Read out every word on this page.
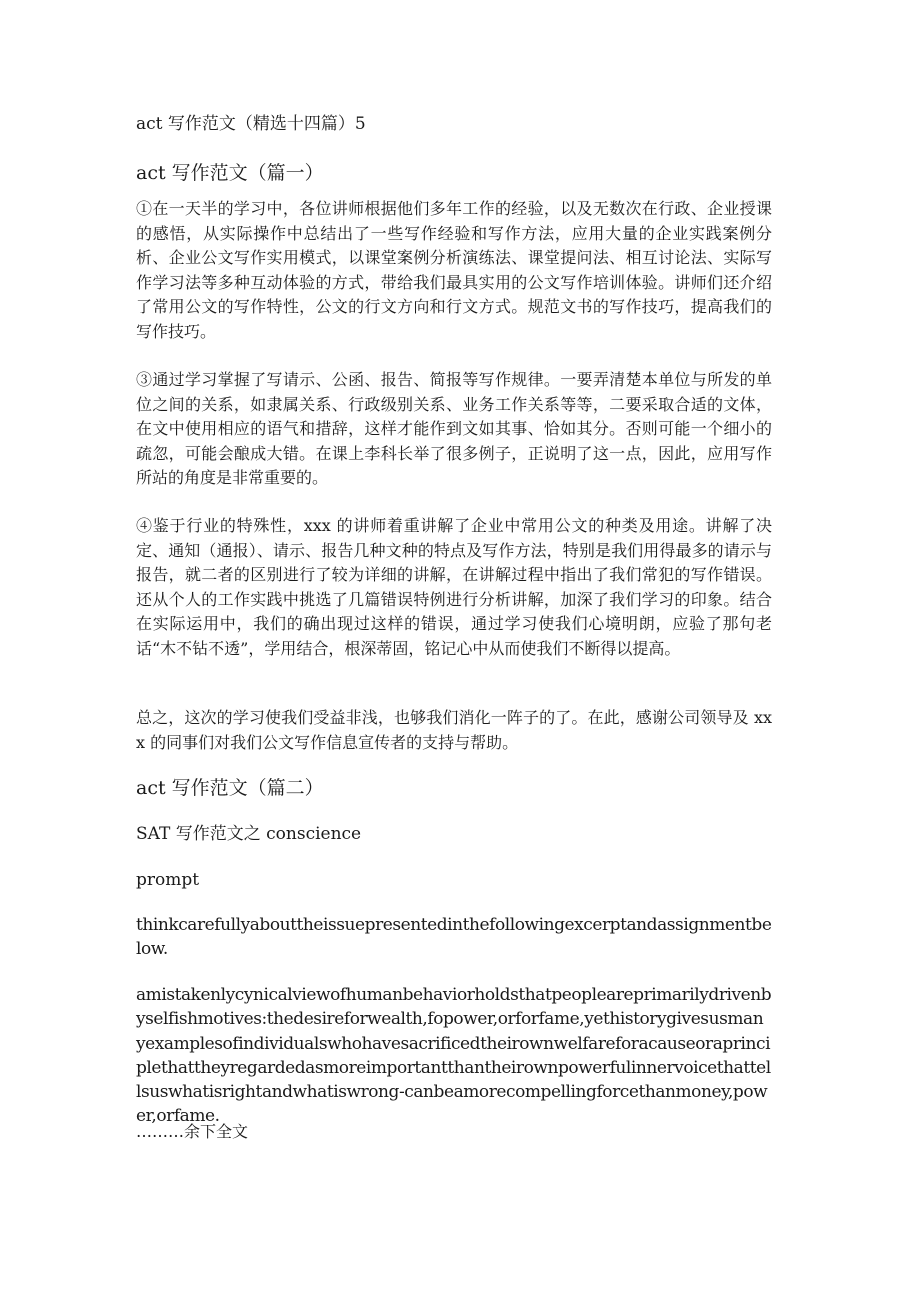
act 写作范文（精选十四篇）5
act 写作范文（篇一）

①在一天半的学习中，各位讲师根据他们多年工作的经验，以及无数次在行政、企业授课的感悟，从实际操作中总结出了一些写作经验和写作方法，应用大量的企业实践案例分析、企业公文写作实用模式，以课堂案例分析演练法、课堂提问法、相互讨论法、实际写作学习法等多种互动体验的方式，带给我们最具实用的公文写作培训体验。讲师们还介绍了常用公文的写作特性，公文的行文方向和行文方式。规范文书的写作技巧，提高我们的写作技巧。

③通过学习掌握了写请示、公函、报告、简报等写作规律。一要弄清楚本单位与所发的单位之间的关系，如隶属关系、行政级别关系、业务工作关系等等，二要采取合适的文体，在文中使用相应的语气和措辞，这样才能作到文如其事、恰如其分。否则可能一个细小的疏忽，可能会酿成大错。在课上李科长举了很多例子，正说明了这一点，因此，应用写作所站的角度是非常重要的。

④鉴于行业的特殊性，xxx 的讲师着重讲解了企业中常用公文的种类及用途。讲解了决定、通知（通报）、请示、报告几种文种的特点及写作方法，特别是我们用得最多的请示与报告，就二者的区别进行了较为详细的讲解，在讲解过程中指出了我们常犯的写作错误。还从个人的工作实践中挑选了几篇错误特例进行分析讲解，加深了我们学习的印象。结合在实际运用中，我们的确出现过这样的错误，通过学习使我们心境明朗，应验了那句老话“木不钻不透”，学用结合，根深蒂固，铭记心中从而使我们不断得以提高。

总之，这次的学习使我们受益非浅，也够我们消化一阵子的了。在此，感谢公司领导及 xxx 的同事们对我们公文写作信息宣传者的支持与帮助。

act 写作范文（篇二）
SAT 写作范文之 conscience
prompt

thinkcarefullyabouttheissuepresentedinthefollowingexcerptandassignmentbelow.

amistakenlycynicalviewofhumanbehaviorholdsthatpeopleareprimarilydrivenbyselfishmotives:thedesireforwealth,fopower,orforfame,yethistorygivesusmanyexamplesofindividualswhohavesacrificedtheirownwelfareforacauseoraprinciplethattheyregardedasmoreimportantthantheirownpowerfulinnervoicethattellsuswhatisrightandwhatiswrong-canbeamorecompellingforcethanmoney,power,orfame.

………余下全文
